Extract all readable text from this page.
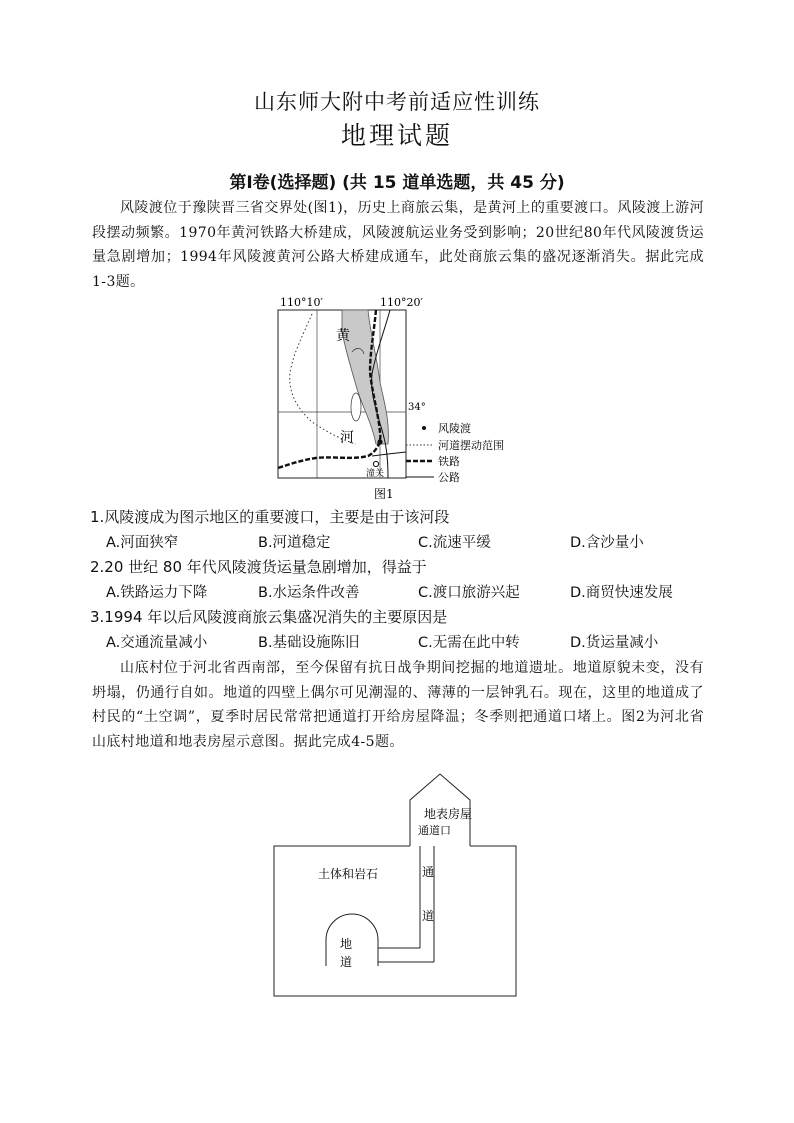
山东师大附中考前适应性训练
地理试题
第Ⅰ卷(选择题) (共 15 道单选题，共 45 分)
风陵渡位于豫陕晋三省交界处(图1)，历史上商旅云集，是黄河上的重要渡口。风陵渡上游河段摆动频繁。1970年黄河铁路大桥建成，风陵渡航运业务受到影响；20世纪80年代风陵渡货运量急剧增加；1994年风陵渡黄河公路大桥建成通车，此处商旅云集的盛况逐渐消失。据此完成1-3题。
110°10′	110°20′
34°
潼关
黄
河
风陵渡
河道摆动范围
铁路
公路
图1
1.风陵渡成为图示地区的重要渡口，主要是由于该河段
A.河面狭窄	B.河道稳定	C.流速平缓	D.含沙量小
2.20 世纪 80 年代风陵渡货运量急剧增加，得益于
A.铁路运力下降	B.水运条件改善	C.渡口旅游兴起	D.商贸快速发展
3.1994 年以后风陵渡商旅云集盛况消失的主要原因是
A.交通流量减小	B.基础设施陈旧	C.无需在此中转	D.货运量减小
山底村位于河北省西南部，至今保留有抗日战争期间挖掘的地道遗址。地道原貌未变，没有坍塌，仍通行自如。地道的四壁上偶尔可见潮湿的、薄薄的一层钟乳石。现在，这里的地道成了村民的“土空调”，夏季时居民常常把通道打开给房屋降温；冬季则把通道口堵上。图2为河北省山底村地道和地表房屋示意图。据此完成4-5题。
地表房屋
通道口
土体和岩石	通
道
地
道
